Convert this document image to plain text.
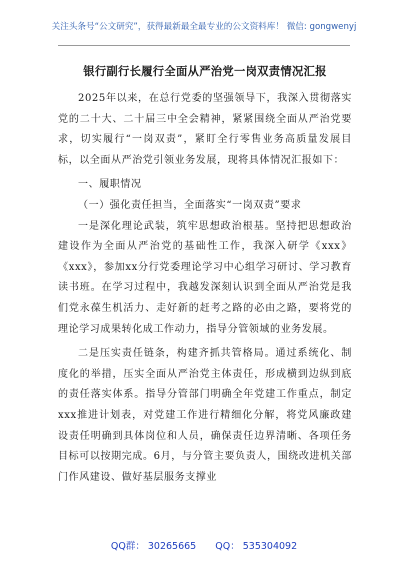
关注头条号“公文研究”，获得最新最全最专业的公文资料库！ 微信: gongwenyj
银行副行长履行全面从严治党一岗双责情况汇报

2025年以来，在总行党委的坚强领导下，我深入贯彻落实党的二十大、二十届三中全会精神，紧紧围绕全面从严治党要求，切实履行“一岗双责”，紧盯全行零售业务高质量发展目标，以全面从严治党引领业务发展，现将具体情况汇报如下：

一、履职情况

（一）强化责任担当，全面落实“一岗双责”要求

一是深化理论武装，筑牢思想政治根基。坚持把思想政治建设作为全面从严治党的基础性工作，我深入研学《xxx》《xxx》，参加xx分行党委理论学习中心组学习研讨、学习教育读书班。在学习过程中，我越发深刻认识到全面从严治党是我们党永葆生机活力、走好新的赶考之路的必由之路，要将党的理论学习成果转化成工作动力，指导分管领域的业务发展。

二是压实责任链条，构建齐抓共管格局。通过系统化、制度化的举措，压实全面从严治党主体责任，形成横到边纵到底的责任落实体系。指导分管部门明确全年党建工作重点，制定xxx推进计划表，对党建工作进行精细化分解，将党风廉政建设责任明确到具体岗位和人员，确保责任边界清晰、各项任务目标可以按期完成。6月，与分管主要负责人，围绕改进机关部门作风建设、做好基层服务支撑业

QQ群： 30265665 QQ： 535304092
